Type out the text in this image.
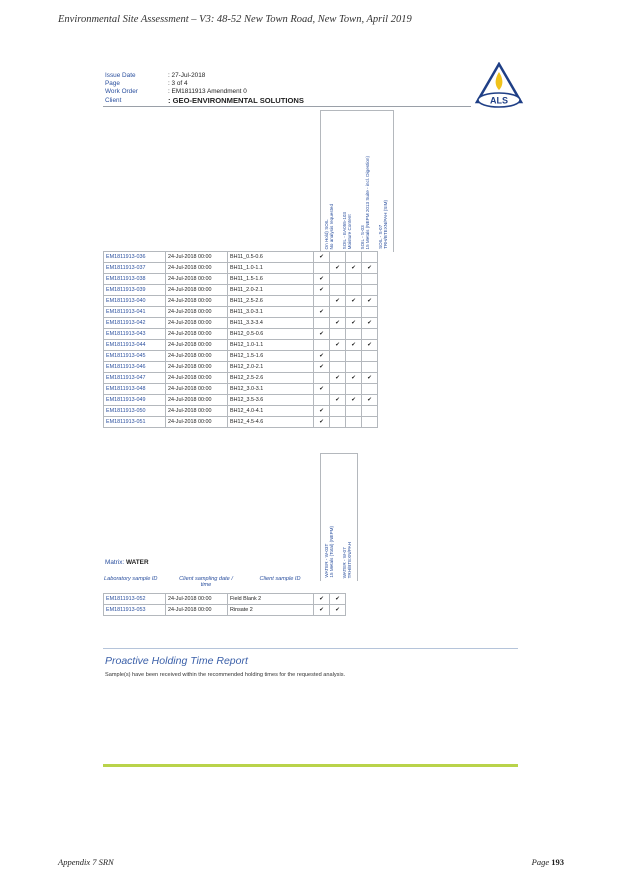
Environmental Site Assessment – V3: 48-52 New Town Road, New Town, April 2019
Issue Date	: 27-Jul-2018
Page	: 3 of 4
Work Order	: EM1811913 Amendment 0
Client	: GEO-ENVIRONMENTAL SOLUTIONS	ALS
On Hold) SOIL
No analysis requested SOIL - EA055-103
Moisture Content SOIL - S-03
15 Metals (NEPM 2013 Suite - incl. Digestion) SOIL - S-07
TRH/BTEXN/PAH (SIM)
EM1811913-036	24-Jul-2018 00:00	BH11_0.5-0.6	✔			
EM1811913-037	24-Jul-2018 00:00	BH11_1.0-1.1		✔	✔	✔
EM1811913-038	24-Jul-2018 00:00	BH11_1.5-1.6	✔			
EM1811913-039	24-Jul-2018 00:00	BH11_2.0-2.1	✔			
EM1811913-040	24-Jul-2018 00:00	BH11_2.5-2.6		✔	✔	✔
EM1811913-041	24-Jul-2018 00:00	BH11_3.0-3.1	✔			
EM1811913-042	24-Jul-2018 00:00	BH11_3.3-3.4		✔	✔	✔
EM1811913-043	24-Jul-2018 00:00	BH12_0.5-0.6	✔			
EM1811913-044	24-Jul-2018 00:00	BH12_1.0-1.1		✔	✔	✔
EM1811913-045	24-Jul-2018 00:00	BH12_1.5-1.6	✔			
EM1811913-046	24-Jul-2018 00:00	BH12_2.0-2.1	✔			
EM1811913-047	24-Jul-2018 00:00	BH12_2.5-2.6		✔	✔	✔
EM1811913-048	24-Jul-2018 00:00	BH12_3.0-3.1	✔			
EM1811913-049	24-Jul-2018 00:00	BH12_3.5-3.6		✔	✔	✔
EM1811913-050	24-Jul-2018 00:00	BH12_4.0-4.1	✔			
EM1811913-051	24-Jul-2018 00:00	BH12_4.5-4.6	✔			
WATER - W-03T
15 Metals (Total) (NEPM) WATER - W-07
TRH/BTEXN/PAH
Matrix: WATER
Laboratory sample ID	Client sampling date / time
Client sample ID
EM1811913-052	24-Jul-2018 00:00	Field Blank 2	✔	✔
EM1811913-053	24-Jul-2018 00:00	Rinsate 2	✔	✔
Proactive Holding Time Report
Sample(s) have been received within the recommended holding times for the requested analysis.
Appendix 7 SRN	Page 193
